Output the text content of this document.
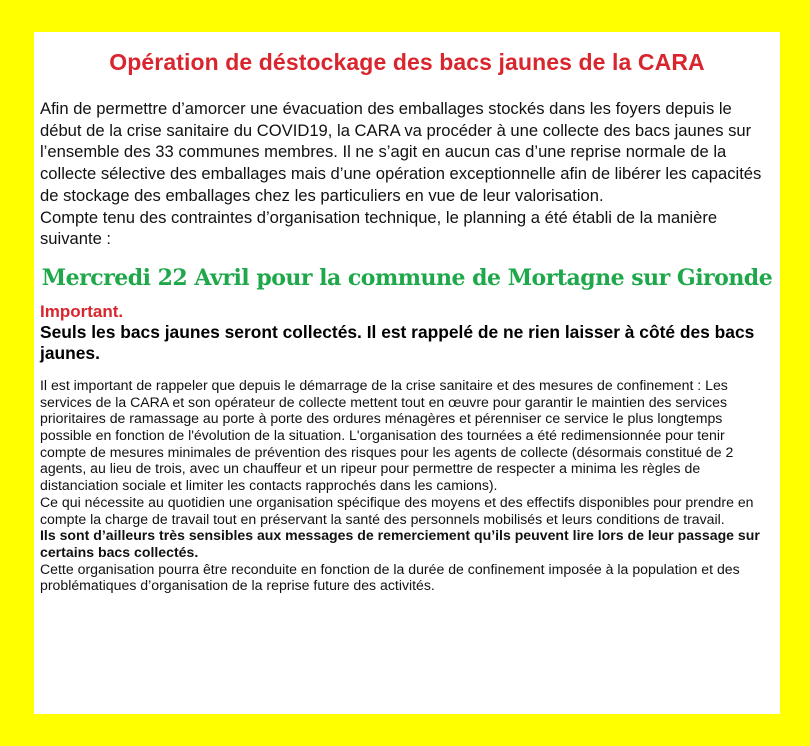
Opération de déstockage des bacs jaunes de la CARA

Afin de permettre d’amorcer une évacuation des emballages stockés dans les foyers depuis le début de la crise sanitaire du COVID19, la CARA va procéder à une collecte des bacs jaunes sur l’ensemble des 33 communes membres. Il ne s’agit en aucun cas d’une reprise normale de la collecte sélective des emballages mais d’une opération exceptionnelle afin de libérer les capacités de stockage des emballages chez les particuliers en vue de leur valorisation.

Compte tenu des contraintes d’organisation technique, le planning a été établi de la manière suivante :

Mercredi 22 Avril pour la commune de Mortagne sur Gironde
Important.
Seuls les bacs jaunes seront collectés. Il est rappelé de ne rien laisser à côté des bacs jaunes.

Il est important de rappeler que depuis le démarrage de la crise sanitaire et des mesures de confinement : Les services de la CARA et son opérateur de collecte mettent tout en œuvre pour garantir le maintien des services prioritaires de ramassage au porte à porte des ordures ménagères et pérenniser ce service le plus longtemps possible en fonction de l'évolution de la situation. L'organisation des tournées a été redimensionnée pour tenir compte de mesures minimales de prévention des risques pour les agents de collecte (désormais constitué de 2 agents, au lieu de trois, avec un chauffeur et un ripeur pour permettre de respecter a minima les règles de distanciation sociale et limiter les contacts rapprochés dans les camions).

Ce qui nécessite au quotidien une organisation spécifique des moyens et des effectifs disponibles pour prendre en compte la charge de travail tout en préservant la santé des personnels mobilisés et leurs conditions de travail.

Ils sont d’ailleurs très sensibles aux messages de remerciement qu’ils peuvent lire lors de leur passage sur certains bacs collectés.

Cette organisation pourra être reconduite en fonction de la durée de confinement imposée à la population et des problématiques d’organisation de la reprise future des activités.
